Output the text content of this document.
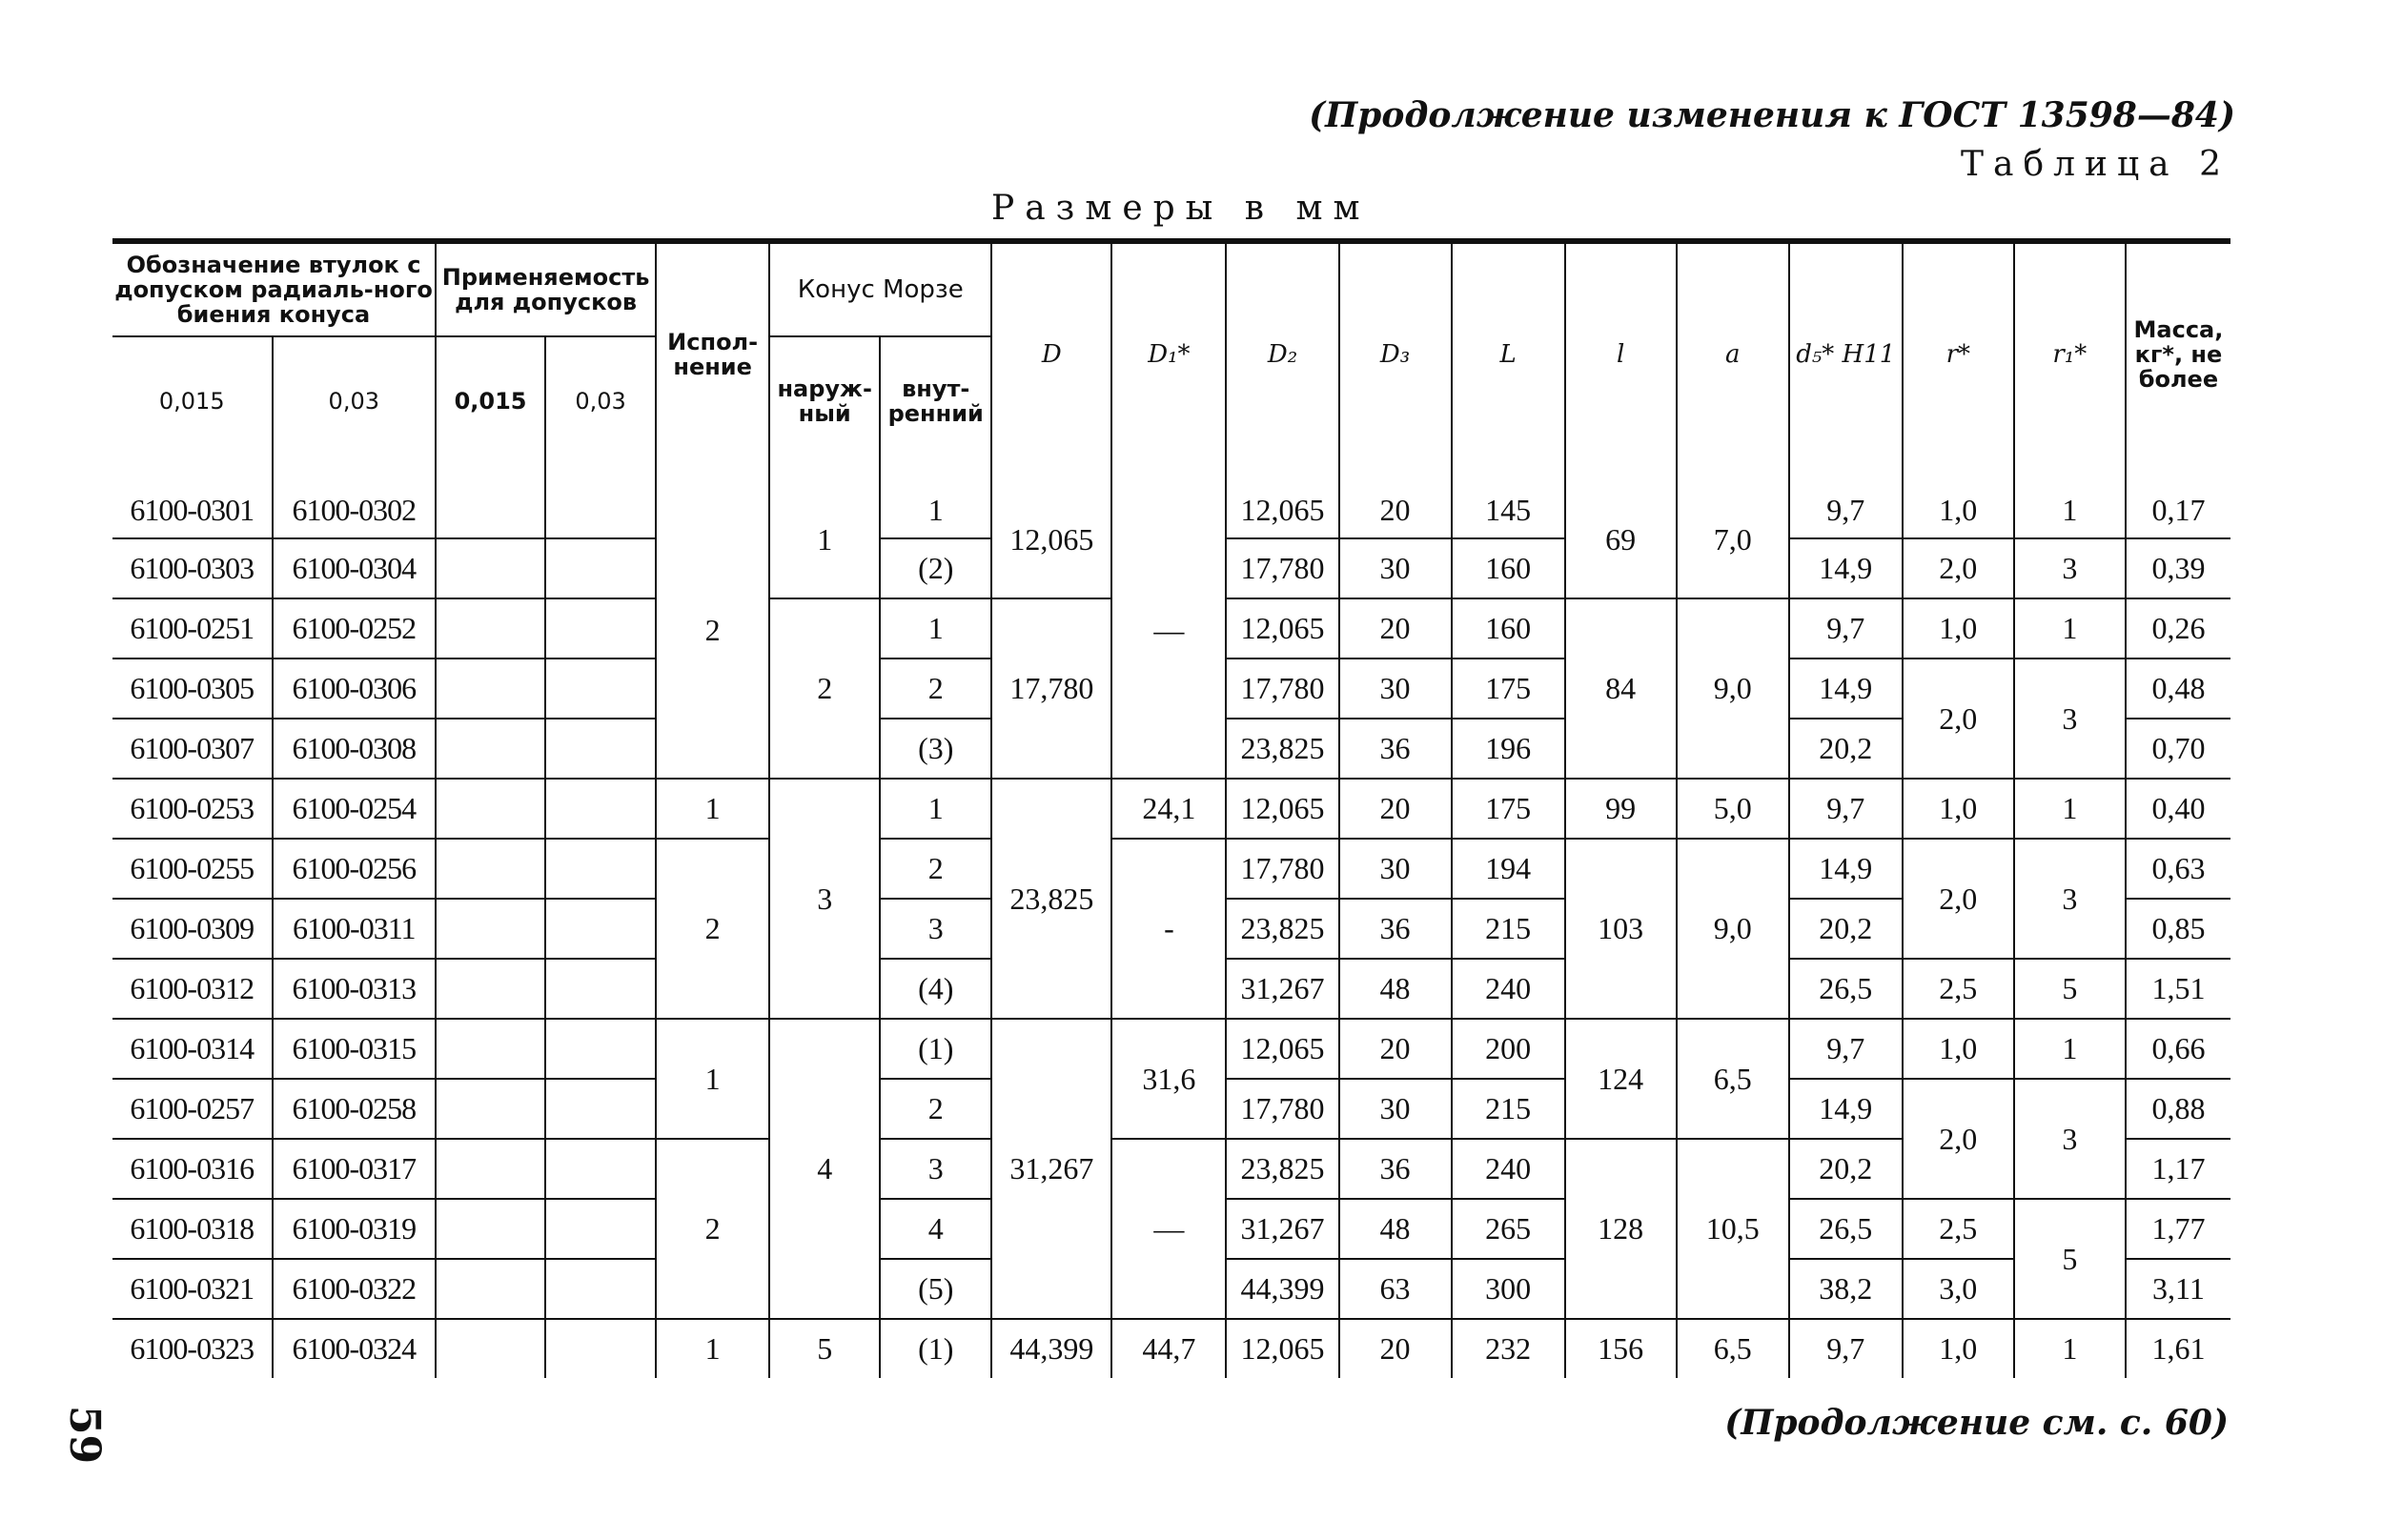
(Продолжение изменения к ГОСТ 13598—84)
Таблица 2
Размеры в мм
Обозначение втулок с допуском радиаль-ного биения конуса		Применяемость для допусков		Испол-нение	Конус Морзе		D	D₁*	D₂	D₃	L	l	a	d₅* H11	r*	r₁*	Масса, кг*, не более
0,015	0,03	0,015	0,03		наруж-ный	внут-ренний											

6100-0301	6100-0302			2	1	1	12,065	—	12,065	20	145	69	7,0	9,7	1,0	1	0,17
6100-0303	6100-0304					(2)			17,780	30	160			14,9	2,0	3	0,39
6100-0251	6100-0252				2	1	17,780		12,065	20	160	84	9,0	9,7	1,0	1	0,26
6100-0305	6100-0306					2			17,780	30	175			14,9	2,0	3	0,48
6100-0307	6100-0308					(3)			23,825	36	196			20,2			0,70
6100-0253	6100-0254			1	3	1	23,825	24,1	12,065	20	175	99	5,0	9,7	1,0	1	0,40
6100-0255	6100-0256			2		2		-	17,780	30	194	103	9,0	14,9	2,0	3	0,63
6100-0309	6100-0311					3			23,825	36	215			20,2			0,85
6100-0312	6100-0313					(4)			31,267	48	240			26,5	2,5	5	1,51
6100-0314	6100-0315			1	4	(1)	31,267	31,6	12,065	20	200	124	6,5	9,7	1,0	1	0,66
6100-0257	6100-0258					2			17,780	30	215			14,9	2,0	3	0,88
6100-0316	6100-0317			2		3		—	23,825	36	240	128	10,5	20,2			1,17
6100-0318	6100-0319					4			31,267	48	265			26,5	2,5	5	1,77
6100-0321	6100-0322					(5)			44,399	63	300			38,2	3,0		3,11
6100-0323	6100-0324			1	5	(1)	44,399	44,7	12,065	20	232	156	6,5	9,7	1,0	1	1,61
59	(Продолжение см. с. 60)
